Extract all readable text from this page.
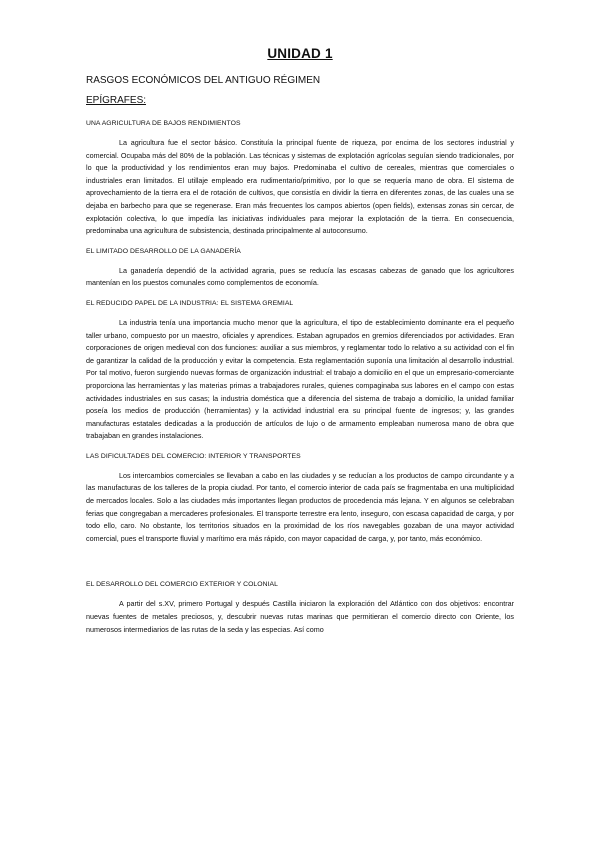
UNIDAD 1
RASGOS ECONÓMICOS DEL ANTIGUO RÉGIMEN
EPÍGRAFES:
UNA AGRICULTURA DE BAJOS RENDIMIENTOS

La agricultura fue el sector básico. Constituía la principal fuente de riqueza, por encima de los sectores industrial y comercial. Ocupaba más del 80% de la población. Las técnicas y sistemas de explotación agrícolas seguían siendo tradicionales, por lo que la productividad y los rendimientos eran muy bajos. Predominaba el cultivo de cereales, mientras que comerciales o industriales eran limitados. El utillaje empleado era rudimentario/primitivo, por lo que se requería mano de obra. El sistema de aprovechamiento de la tierra era el de rotación de cultivos, que consistía en dividir la tierra en diferentes zonas, de las cuales una se dejaba en barbecho para que se regenerase. Eran más frecuentes los campos abiertos (open fields), extensas zonas sin cercar, de explotación colectiva, lo que impedía las iniciativas individuales para mejorar la explotación de la tierra. En consecuencia, predominaba una agricultura de subsistencia, destinada principalmente al autoconsumo.

EL LIMITADO DESARROLLO DE LA GANADERÍA

La ganadería dependió de la actividad agraria, pues se reducía las escasas cabezas de ganado que los agricultores mantenían en los puestos comunales como complementos de economía.

EL REDUCIDO PAPEL DE LA INDUSTRIA: EL SISTEMA GREMIAL

La industria tenía una importancia mucho menor que la agricultura, el tipo de establecimiento dominante era el pequeño taller urbano, compuesto por un maestro, oficiales y aprendices. Estaban agrupados en gremios diferenciados por actividades. Eran corporaciones de origen medieval con dos funciones: auxiliar a sus miembros, y reglamentar todo lo relativo a su actividad con el fin de garantizar la calidad de la producción y evitar la competencia. Esta reglamentación suponía una limitación al desarrollo industrial. Por tal motivo, fueron surgiendo nuevas formas de organización industrial: el trabajo a domicilio en el que un empresario-comerciante proporciona las herramientas y las materias primas a trabajadores rurales, quienes compaginaba sus labores en el campo con estas actividades industriales en sus casas; la industria doméstica que a diferencia del sistema de trabajo a domicilio, la unidad familiar poseía los medios de producción (herramientas) y la actividad industrial era su principal fuente de ingresos; y, las grandes manufacturas estatales dedicadas a la producción de artículos de lujo o de armamento empleaban numerosa mano de obra que trabajaban en grandes instalaciones.

LAS DIFICULTADES DEL COMERCIO: INTERIOR Y TRANSPORTES

Los intercambios comerciales se llevaban a cabo en las ciudades y se reducían a los productos de campo circundante y a las manufacturas de los talleres de la propia ciudad. Por tanto, el comercio interior de cada país se fragmentaba en una multiplicidad de mercados locales. Solo a las ciudades más importantes llegan productos de procedencia más lejana. Y en algunos se celebraban ferias que congregaban a mercaderes profesionales. El transporte terrestre era lento, inseguro, con escasa capacidad de carga, y por todo ello, caro. No obstante, los territorios situados en la proximidad de los ríos navegables gozaban de una mayor actividad comercial, pues el transporte fluvial y marítimo era más rápido, con mayor capacidad de carga, y, por tanto, más económico.

EL DESARROLLO DEL COMERCIO EXTERIOR Y COLONIAL

A partir del s.XV, primero Portugal y después Castilla iniciaron la exploración del Atlántico con dos objetivos: encontrar nuevas fuentes de metales preciosos, y, descubrir nuevas rutas marinas que permitieran el comercio directo con Oriente, los numerosos intermediarios de las rutas de la seda y las especias. Así como
